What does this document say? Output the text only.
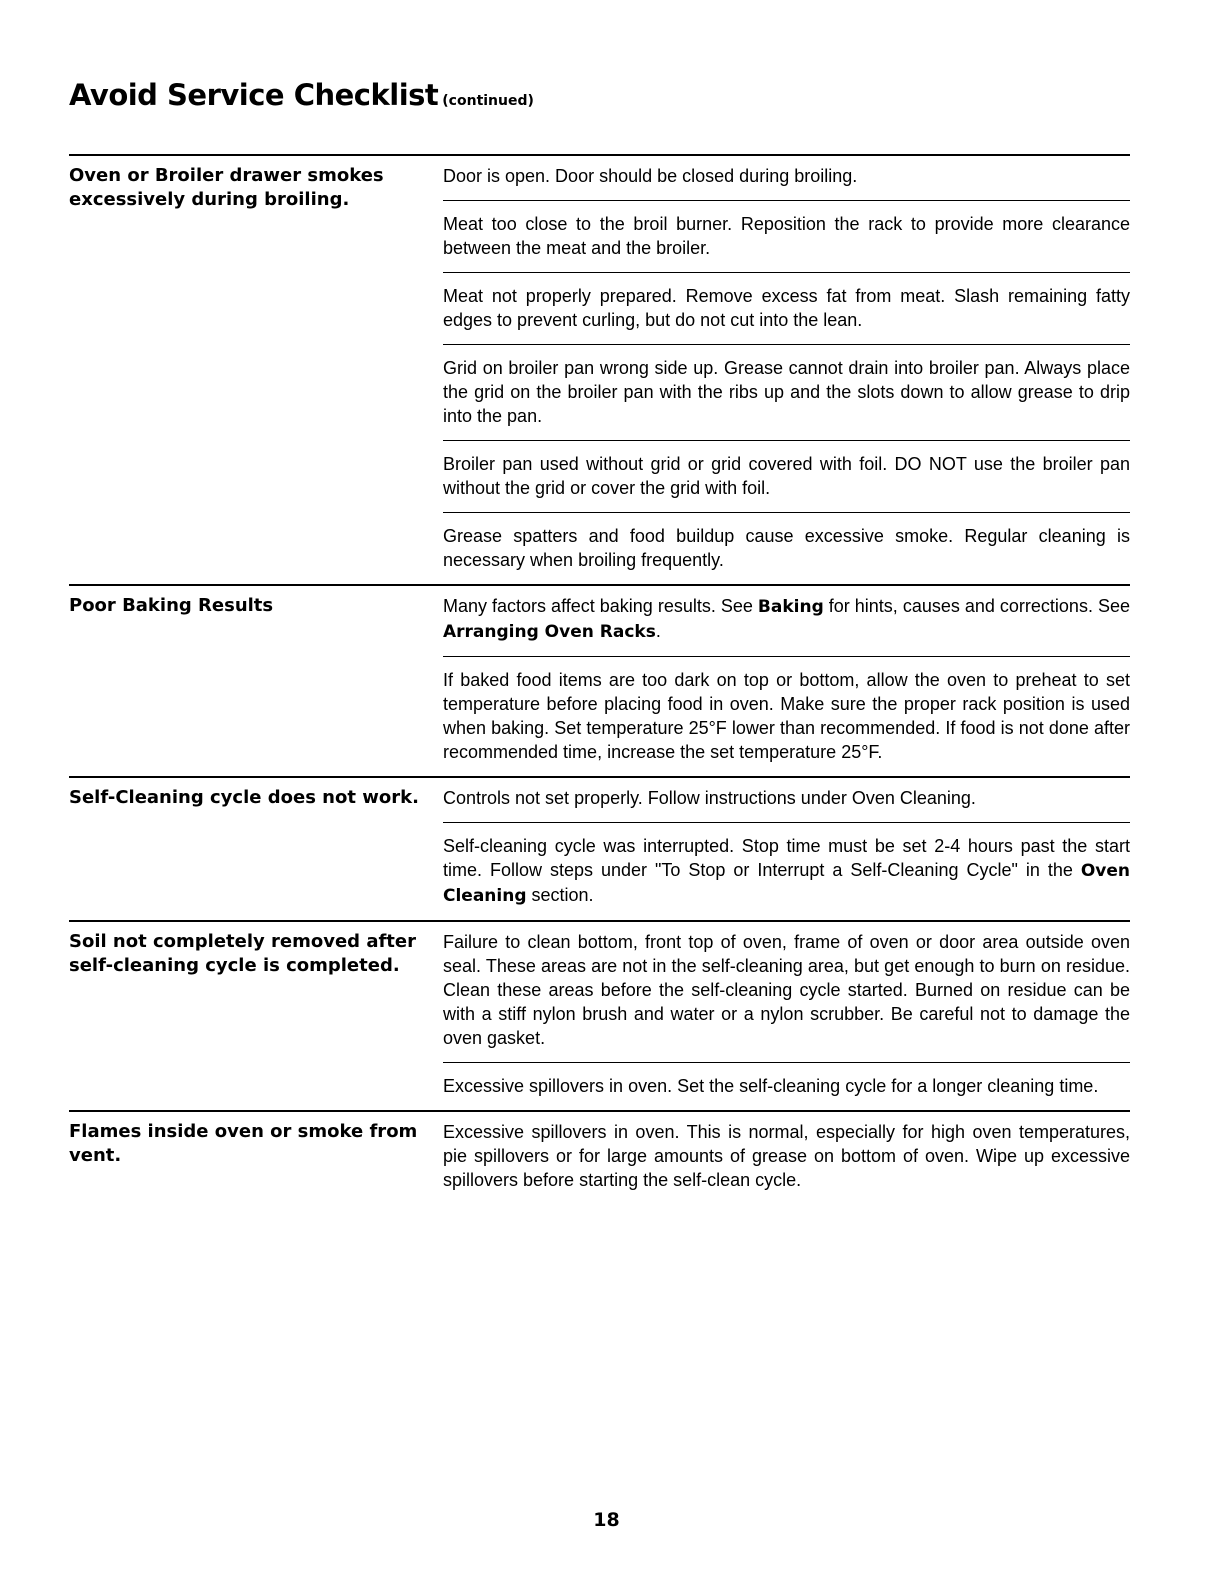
Avoid Service Checklist (continued)
Oven or Broiler drawer smokes excessively during broiling.
Door is open. Door should be closed during broiling.
Meat too close to the broil burner. Reposition the rack to provide more clearance between the meat and the broiler.
Meat not properly prepared. Remove excess fat from meat. Slash remaining fatty edges to prevent curling, but do not cut into the lean.
Grid on broiler pan wrong side up. Grease cannot drain into broiler pan. Always place the grid on the broiler pan with the ribs up and the slots down to allow grease to drip into the pan.
Broiler pan used without grid or grid covered with foil. DO NOT use the broiler pan without the grid or cover the grid with foil.
Grease spatters and food buildup cause excessive smoke. Regular cleaning is necessary when broiling frequently.
Poor Baking Results	Many factors affect baking results. See Baking for hints, causes and corrections. See Arranging Oven Racks.
If baked food items are too dark on top or bottom, allow the oven to preheat to set temperature before placing food in oven. Make sure the proper rack position is used when baking. Set temperature 25°F lower than recommended. If food is not done after recommended time, increase the set temperature 25°F.
Self-Cleaning cycle does not work.	Controls not set properly. Follow instructions under Oven Cleaning.
Self-cleaning cycle was interrupted. Stop time must be set 2-4 hours past the start time. Follow steps under "To Stop or Interrupt a Self-Cleaning Cycle" in the Oven Cleaning section.
Soil not completely removed after self-cleaning cycle is completed.
Failure to clean bottom, front top of oven, frame of oven or door area outside oven seal. These areas are not in the self-cleaning area, but get enough to burn on residue. Clean these areas before the self-cleaning cycle started. Burned on residue can be with a stiff nylon brush and water or a nylon scrubber. Be careful not to damage the oven gasket.
Excessive spillovers in oven. Set the self-cleaning cycle for a longer cleaning time.
Flames inside oven or smoke from vent.
Excessive spillovers in oven. This is normal, especially for high oven temperatures, pie spillovers or for large amounts of grease on bottom of oven. Wipe up excessive spillovers before starting the self-clean cycle.
18
